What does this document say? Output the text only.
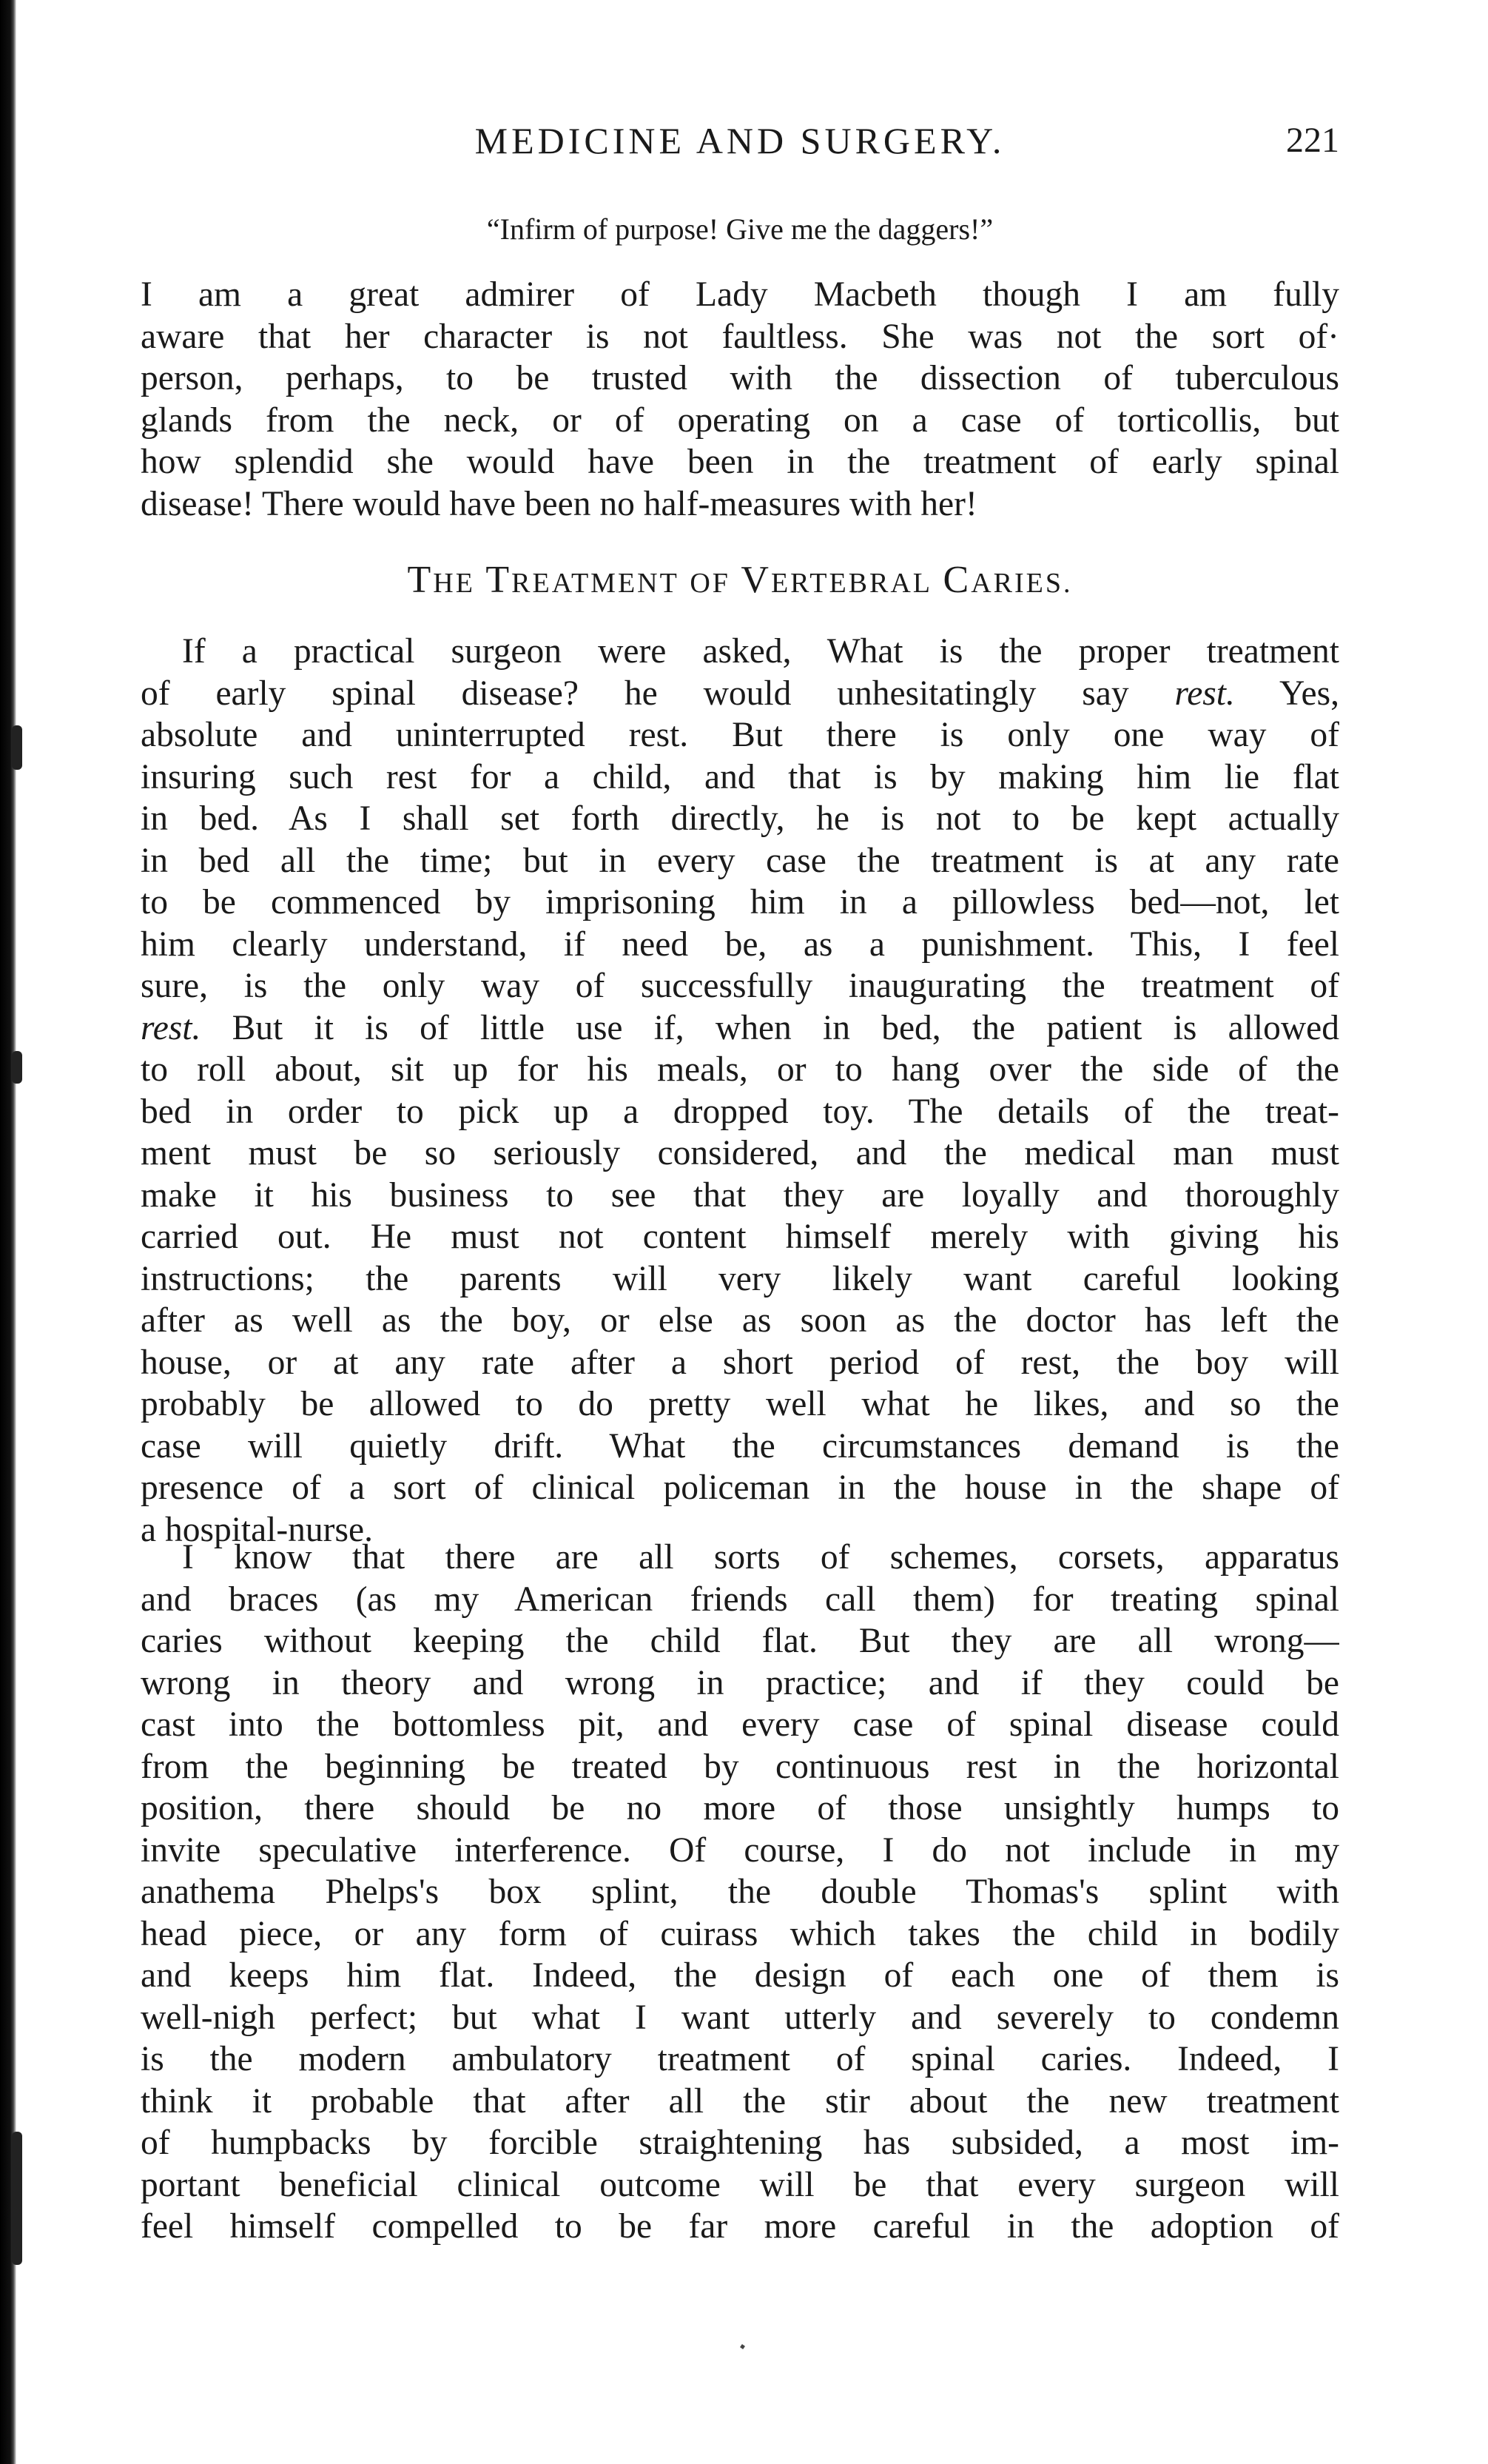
MEDICINE AND SURGERY.	221
“Infirm of purpose! Give me the daggers!”
I am a great admirer of Lady Macbeth though I am fully
aware that her character is not faultless. She was not the sort of·
person, perhaps, to be trusted with the dissection of tuberculous
glands from the neck, or of operating on a case of torticollis, but
how splendid she would have been in the treatment of early spinal
disease! There would have been no half-measures with her!
THE TREATMENT OF VERTEBRAL CARIES.
If a practical surgeon were asked, What is the proper treatment
of early spinal disease? he would unhesitatingly say rest. Yes,
absolute and uninterrupted rest. But there is only one way of
insuring such rest for a child, and that is by making him lie flat
in bed. As I shall set forth directly, he is not to be kept actually
in bed all the time; but in every case the treatment is at any rate
to be commenced by imprisoning him in a pillowless bed—not, let
him clearly understand, if need be, as a punishment. This, I feel
sure, is the only way of successfully inaugurating the treatment of
rest. But it is of little use if, when in bed, the patient is allowed
to roll about, sit up for his meals, or to hang over the side of the
bed in order to pick up a dropped toy. The details of the treat-
ment must be so seriously considered, and the medical man must
make it his business to see that they are loyally and thoroughly
carried out. He must not content himself merely with giving his
instructions; the parents will very likely want careful looking
after as well as the boy, or else as soon as the doctor has left the
house, or at any rate after a short period of rest, the boy will
probably be allowed to do pretty well what he likes, and so the
case will quietly drift. What the circumstances demand is the
presence of a sort of clinical policeman in the house in the shape of
a hospital-nurse.
I know that there are all sorts of schemes, corsets, apparatus
and braces (as my American friends call them) for treating spinal
caries without keeping the child flat. But they are all wrong—
wrong in theory and wrong in practice; and if they could be
cast into the bottomless pit, and every case of spinal disease could
from the beginning be treated by continuous rest in the horizontal
position, there should be no more of those unsightly humps to
invite speculative interference. Of course, I do not include in my
anathema Phelps's box splint, the double Thomas's splint with
head piece, or any form of cuirass which takes the child in bodily
and keeps him flat. Indeed, the design of each one of them is
well-nigh perfect; but what I want utterly and severely to condemn
is the modern ambulatory treatment of spinal caries. Indeed, I
think it probable that after all the stir about the new treatment
of humpbacks by forcible straightening has subsided, a most im-
portant beneficial clinical outcome will be that every surgeon will
feel himself compelled to be far more careful in the adoption of
